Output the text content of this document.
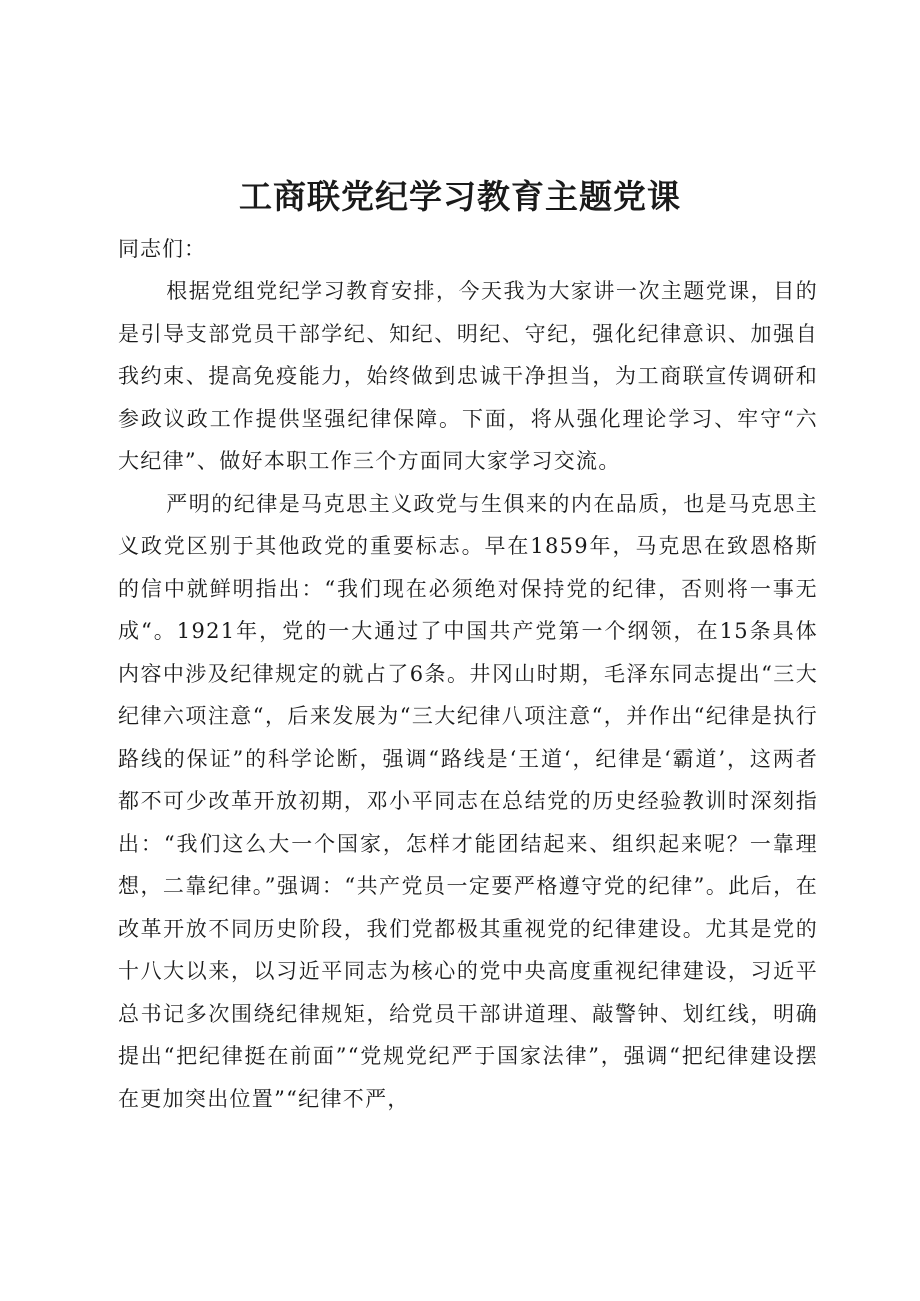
工商联党纪学习教育主题党课

同志们：

根据党组党纪学习教育安排，今天我为大家讲一次主题党课，目的是引导支部党员干部学纪、知纪、明纪、守纪，强化纪律意识、加强自我约束、提高免疫能力，始终做到忠诚干净担当，为工商联宣传调研和参政议政工作提供坚强纪律保障。下面，将从强化理论学习、牢守“六大纪律”、做好本职工作三个方面同大家学习交流。

严明的纪律是马克思主义政党与生俱来的内在品质，也是马克思主义政党区别于其他政党的重要标志。早在1859年，马克思在致恩格斯的信中就鲜明指出：“我们现在必须绝对保持党的纪律，否则将一事无成“。1921年，党的一大通过了中国共产党第一个纲领，在15条具体内容中涉及纪律规定的就占了6条。井冈山时期，毛泽东同志提出“三大纪律六项注意“，后来发展为“三大纪律八项注意“，并作出“纪律是执行路线的保证”的科学论断，强调“路线是‘王道‘，纪律是‘霸道’，这两者都不可少改革开放初期，邓小平同志在总结党的历史经验教训时深刻指出：“我们这么大一个国家，怎样才能团结起来、组织起来呢？一靠理想，二靠纪律。”强调：“共产党员一定要严格遵守党的纪律”。此后，在改革开放不同历史阶段，我们党都极其重视党的纪律建设。尤其是党的十八大以来，以习近平同志为核心的党中央高度重视纪律建设，习近平总书记多次围绕纪律规矩，给党员干部讲道理、敲警钟、划红线，明确提出“把纪律挺在前面”“党规党纪严于国家法律”，强调“把纪律建设摆在更加突出位置”“纪律不严，
